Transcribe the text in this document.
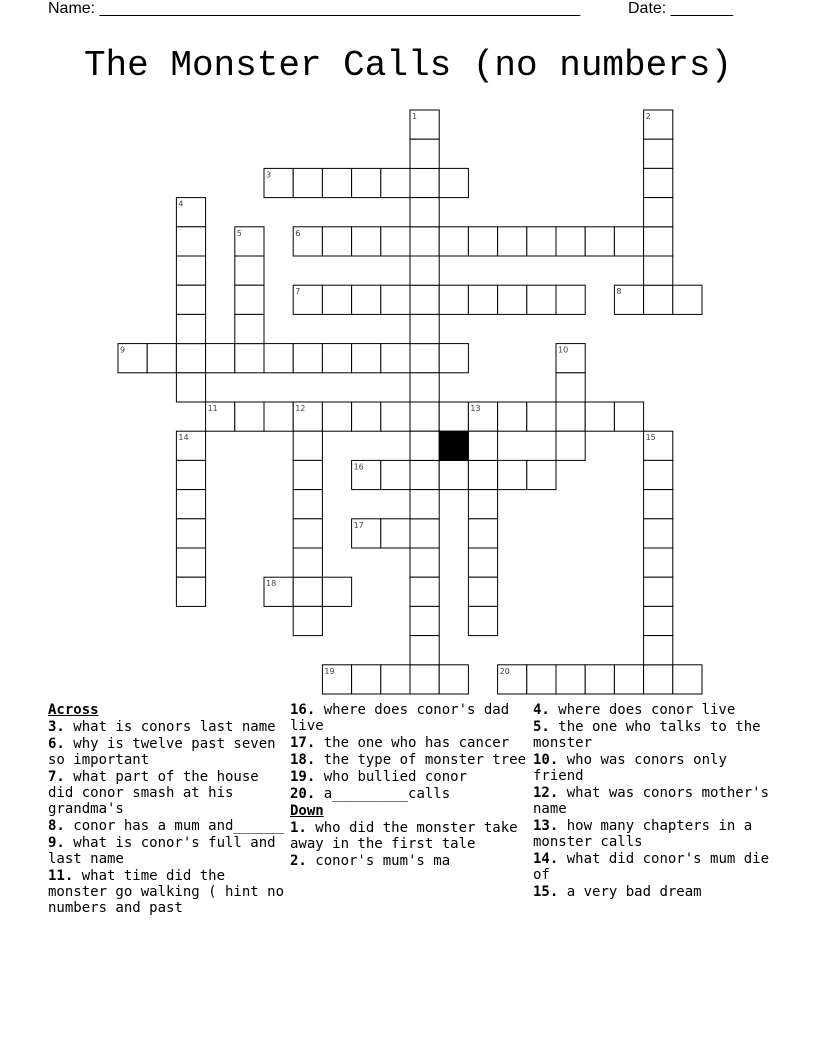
Name: ______________________________________________________	Date: _______
The Monster Calls (no numbers)
1	2
3
4
5	6
7	8
9	10
11	12	13
14	15
16
17
18
19	20
Across
3. what is conors last name
6. why is twelve past seven so important
7. what part of the house did conor smash at his grandma's
8. conor has a mum and______
9. what is conor's full and last name
11. what time did the monster go walking ( hint no numbers and past
16. where does conor's dad live
17. the one who has cancer
18. the type of monster tree
19. who bullied conor
20. a_________calls
Down
1. who did the monster take away in the first tale
2. conor's mum's ma
4. where does conor live
5. the one who talks to the monster
10. who was conors only friend
12. what was conors mother's name
13. how many chapters in a monster calls
14. what did conor's mum die of
15. a very bad dream
